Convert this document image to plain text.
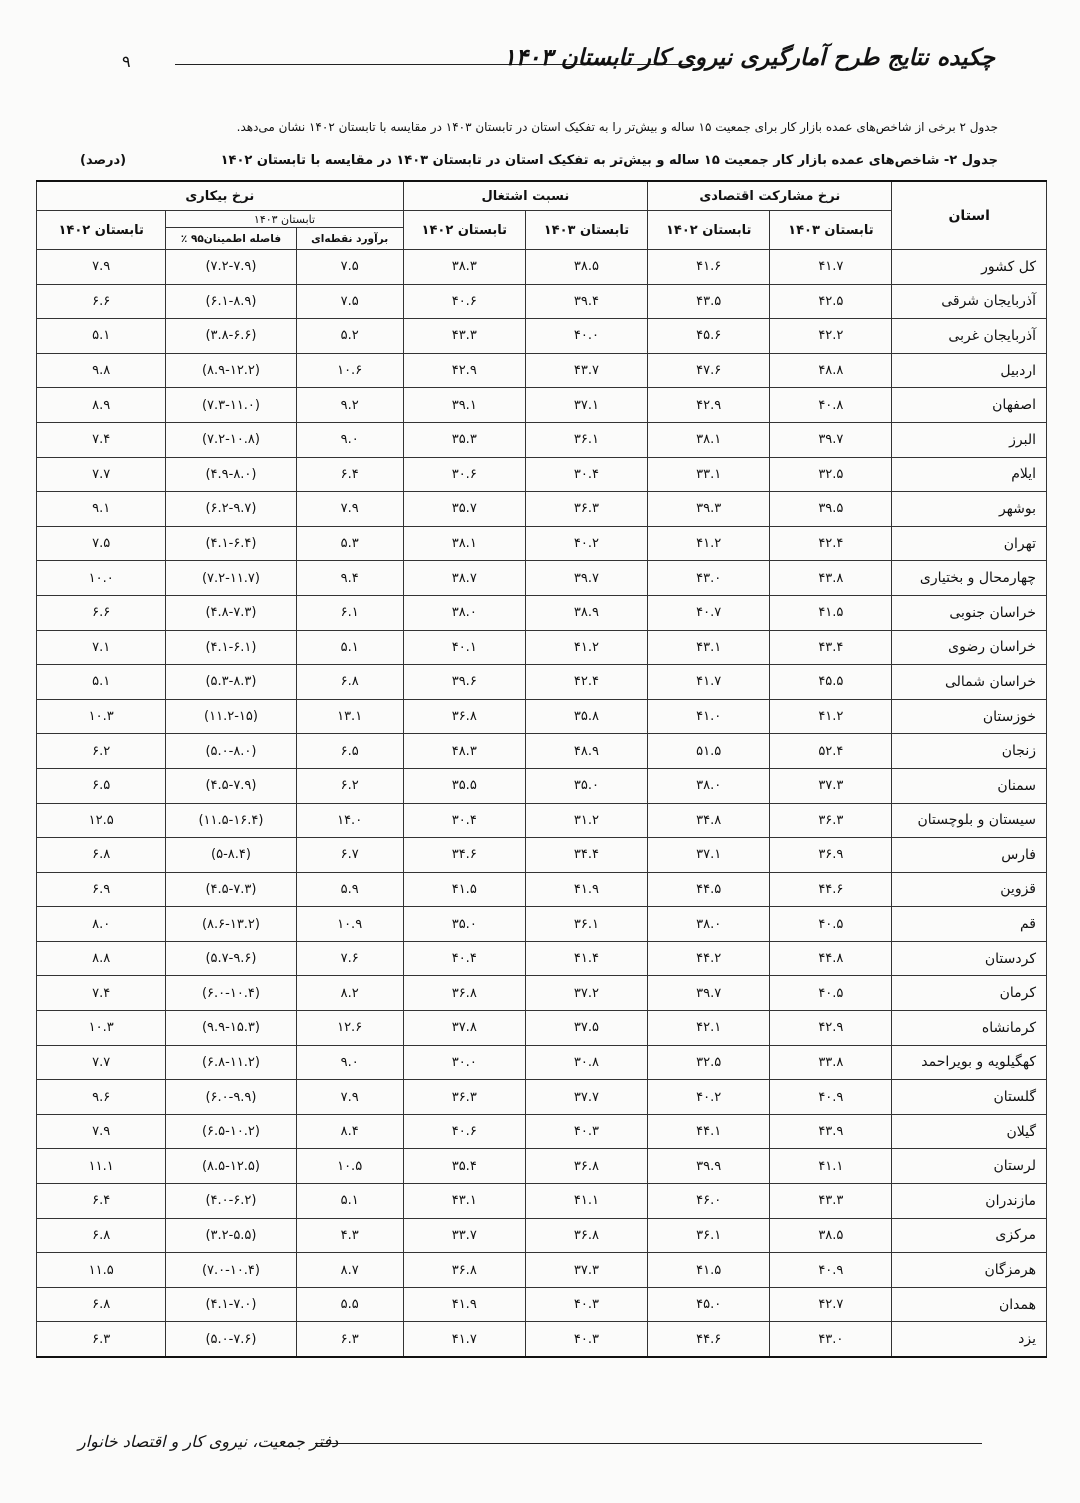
۹	چکیده نتایج طرح آمارگیری نیروی کار تابستان ۱۴۰۳
جدول ۲ برخی از شاخص‌های عمده بازار کار برای جمعیت ۱۵ ساله و بیش‌تر را به تفکیک استان در تابستان ۱۴۰۳ در مقایسه با تابستان ۱۴۰۲ نشان می‌دهد.
جدول ۲- شاخص‌های عمده بازار کار جمعیت ۱۵ ساله و بیش‌تر به تفکیک استان در تابستان ۱۴۰۳ در مقایسه با تابستان ۱۴۰۲
(درصد)
استان	نرخ مشارکت اقتصادی		نسبت اشتغال		نرخ بیکاری		
	تابستان ۱۴۰۳	تابستان ۱۴۰۲	تابستان ۱۴۰۳	تابستان ۱۴۰۲	تابستان ۱۴۰۳		تابستان ۱۴۰۲
					برآورد نقطه‌ای	فاصله اطمینان۹۵ ٪	
کل کشور	۴۱.۷	۴۱.۶	۳۸.۵	۳۸.۳	۷.۵	(۷.۲-۷.۹)	۷.۹
آذربایجان شرقی	۴۲.۵	۴۳.۵	۳۹.۴	۴۰.۶	۷.۵	(۶.۱-۸.۹)	۶.۶
آذربایجان غربی	۴۲.۲	۴۵.۶	۴۰.۰	۴۳.۳	۵.۲	(۳.۸-۶.۶)	۵.۱
اردبیل	۴۸.۸	۴۷.۶	۴۳.۷	۴۲.۹	۱۰.۶	(۸.۹-۱۲.۲)	۹.۸
اصفهان	۴۰.۸	۴۲.۹	۳۷.۱	۳۹.۱	۹.۲	(۷.۳-۱۱.۰)	۸.۹
البرز	۳۹.۷	۳۸.۱	۳۶.۱	۳۵.۳	۹.۰	(۷.۲-۱۰.۸)	۷.۴
ایلام	۳۲.۵	۳۳.۱	۳۰.۴	۳۰.۶	۶.۴	(۴.۹-۸.۰)	۷.۷
بوشهر	۳۹.۵	۳۹.۳	۳۶.۳	۳۵.۷	۷.۹	(۶.۲-۹.۷)	۹.۱
تهران	۴۲.۴	۴۱.۲	۴۰.۲	۳۸.۱	۵.۳	(۴.۱-۶.۴)	۷.۵
چهارمحال و بختیاری	۴۳.۸	۴۳.۰	۳۹.۷	۳۸.۷	۹.۴	(۷.۲-۱۱.۷)	۱۰.۰
خراسان جنوبی	۴۱.۵	۴۰.۷	۳۸.۹	۳۸.۰	۶.۱	(۴.۸-۷.۳)	۶.۶
خراسان رضوی	۴۳.۴	۴۳.۱	۴۱.۲	۴۰.۱	۵.۱	(۴.۱-۶.۱)	۷.۱
خراسان شمالی	۴۵.۵	۴۱.۷	۴۲.۴	۳۹.۶	۶.۸	(۵.۳-۸.۳)	۵.۱
خوزستان	۴۱.۲	۴۱.۰	۳۵.۸	۳۶.۸	۱۳.۱	(۱۱.۲-۱۵)	۱۰.۳
زنجان	۵۲.۴	۵۱.۵	۴۸.۹	۴۸.۳	۶.۵	(۵.۰-۸.۰)	۶.۲
سمنان	۳۷.۳	۳۸.۰	۳۵.۰	۳۵.۵	۶.۲	(۴.۵-۷.۹)	۶.۵
سیستان و بلوچستان	۳۶.۳	۳۴.۸	۳۱.۲	۳۰.۴	۱۴.۰	(۱۱.۵-۱۶.۴)	۱۲.۵
فارس	۳۶.۹	۳۷.۱	۳۴.۴	۳۴.۶	۶.۷	(۵-۸.۴)	۶.۸
قزوین	۴۴.۶	۴۴.۵	۴۱.۹	۴۱.۵	۵.۹	(۴.۵-۷.۳)	۶.۹
قم	۴۰.۵	۳۸.۰	۳۶.۱	۳۵.۰	۱۰.۹	(۸.۶-۱۳.۲)	۸.۰
کردستان	۴۴.۸	۴۴.۲	۴۱.۴	۴۰.۴	۷.۶	(۵.۷-۹.۶)	۸.۸
کرمان	۴۰.۵	۳۹.۷	۳۷.۲	۳۶.۸	۸.۲	(۶.۰-۱۰.۴)	۷.۴
کرمانشاه	۴۲.۹	۴۲.۱	۳۷.۵	۳۷.۸	۱۲.۶	(۹.۹-۱۵.۳)	۱۰.۳
کهگیلویه و بویراحمد	۳۳.۸	۳۲.۵	۳۰.۸	۳۰.۰	۹.۰	(۶.۸-۱۱.۲)	۷.۷
گلستان	۴۰.۹	۴۰.۲	۳۷.۷	۳۶.۳	۷.۹	(۶.۰-۹.۹)	۹.۶
گیلان	۴۳.۹	۴۴.۱	۴۰.۳	۴۰.۶	۸.۴	(۶.۵-۱۰.۲)	۷.۹
لرستان	۴۱.۱	۳۹.۹	۳۶.۸	۳۵.۴	۱۰.۵	(۸.۵-۱۲.۵)	۱۱.۱
مازندران	۴۳.۳	۴۶.۰	۴۱.۱	۴۳.۱	۵.۱	(۴.۰-۶.۲)	۶.۴
مرکزی	۳۸.۵	۳۶.۱	۳۶.۸	۳۳.۷	۴.۳	(۳.۲-۵.۵)	۶.۸
هرمزگان	۴۰.۹	۴۱.۵	۳۷.۳	۳۶.۸	۸.۷	(۷.۰-۱۰.۴)	۱۱.۵
همدان	۴۲.۷	۴۵.۰	۴۰.۳	۴۱.۹	۵.۵	(۴.۱-۷.۰)	۶.۸
یزد	۴۳.۰	۴۴.۶	۴۰.۳	۴۱.۷	۶.۳	(۵.۰-۷.۶)	۶.۳
دفتر جمعیت، نیروی کار و اقتصاد خانوار
